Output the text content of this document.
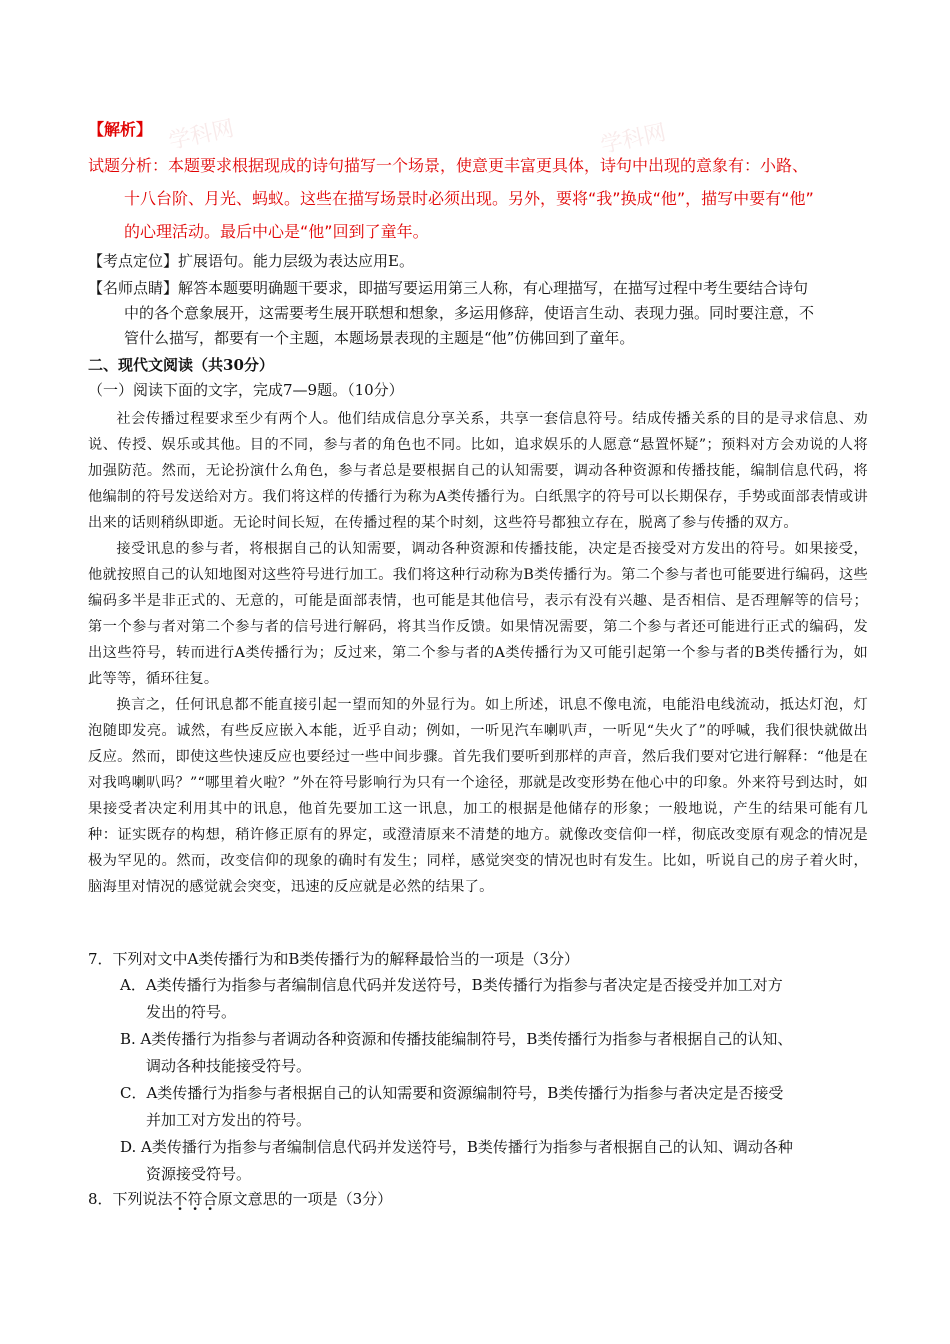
学科网	学科网
【解析】
试题分析：本题要求根据现成的诗句描写一个场景，使意更丰富更具体，诗句中出现的意象有：小路、
十八台阶、月光、蚂蚁。这些在描写场景时必须出现。另外，要将“我”换成“他”，描写中要有“他”
的心理活动。最后中心是“他”回到了童年。
【考点定位】扩展语句。能力层级为表达应用E。
【名师点睛】解答本题要明确题干要求，即描写要运用第三人称，有心理描写，在描写过程中考生要结合诗句
中的各个意象展开，这需要考生展开联想和想象，多运用修辞，使语言生动、表现力强。同时要注意，不
管什么描写，都要有一个主题，本题场景表现的主题是“他”仿佛回到了童年。
二、现代文阅读（共30分）
（一）阅读下面的文字，完成7—9题。（10分）

社会传播过程要求至少有两个人。他们结成信息分享关系，共享一套信息符号。结成传播关系的目的是寻求信息、劝说、传授、娱乐或其他。目的不同，参与者的角色也不同。比如，追求娱乐的人愿意“悬置怀疑”；预料对方会劝说的人将加强防范。然而，无论扮演什么角色，参与者总是要根据自己的认知需要，调动各种资源和传播技能，编制信息代码，将他编制的符号发送给对方。我们将这样的传播行为称为A类传播行为。白纸黑字的符号可以长期保存，手势或面部表情或讲出来的话则稍纵即逝。无论时间长短，在传播过程的某个时刻，这些符号都独立存在，脱离了参与传播的双方。

接受讯息的参与者，将根据自己的认知需要，调动各种资源和传播技能，决定是否接受对方发出的符号。如果接受，他就按照自己的认知地图对这些符号进行加工。我们将这种行动称为B类传播行为。第二个参与者也可能要进行编码，这些编码多半是非正式的、无意的，可能是面部表情，也可能是其他信号，表示有没有兴趣、是否相信、是否理解等的信号；第一个参与者对第二个参与者的信号进行解码，将其当作反馈。如果情况需要，第二个参与者还可能进行正式的编码，发出这些符号，转而进行A类传播行为；反过来，第二个参与者的A类传播行为又可能引起第一个参与者的B类传播行为，如此等等，循环往复。

换言之，任何讯息都不能直接引起一望而知的外显行为。如上所述，讯息不像电流，电能沿电线流动，抵达灯泡，灯泡随即发亮。诚然，有些反应嵌入本能，近乎自动；例如，一听见汽车喇叭声，一听见“失火了”的呼喊，我们很快就做出反应。然而，即使这些快速反应也要经过一些中间步骤。首先我们要听到那样的声音，然后我们要对它进行解释：“他是在对我鸣喇叭吗？”“哪里着火啦？”外在符号影响行为只有一个途径，那就是改变形势在他心中的印象。外来符号到达时，如果接受者决定利用其中的讯息，他首先要加工这一讯息，加工的根据是他储存的形象；一般地说，产生的结果可能有几种：证实既存的构想，稍许修正原有的界定，或澄清原来不清楚的地方。就像改变信仰一样，彻底改变原有观念的情况是极为罕见的。然而，改变信仰的现象的确时有发生；同样，感觉突变的情况也时有发生。比如，听说自己的房子着火时，脑海里对情况的感觉就会突变，迅速的反应就是必然的结果了。

7．下列对文中A类传播行为和B类传播行为的解释最恰当的一项是（3分）
A．A类传播行为指参与者编制信息代码并发送符号，B类传播行为指参与者决定是否接受并加工对方
发出的符号。
B. A类传播行为指参与者调动各种资源和传播技能编制符号，B类传播行为指参与者根据自己的认知、
调动各种技能接受符号。
C．A类传播行为指参与者根据自己的认知需要和资源编制符号，B类传播行为指参与者决定是否接受
并加工对方发出的符号。
D. A类传播行为指参与者编制信息代码并发送符号，B类传播行为指参与者根据自己的认知、调动各种
资源接受符号。
8．下列说法不符合原文意思的一项是（3分）
